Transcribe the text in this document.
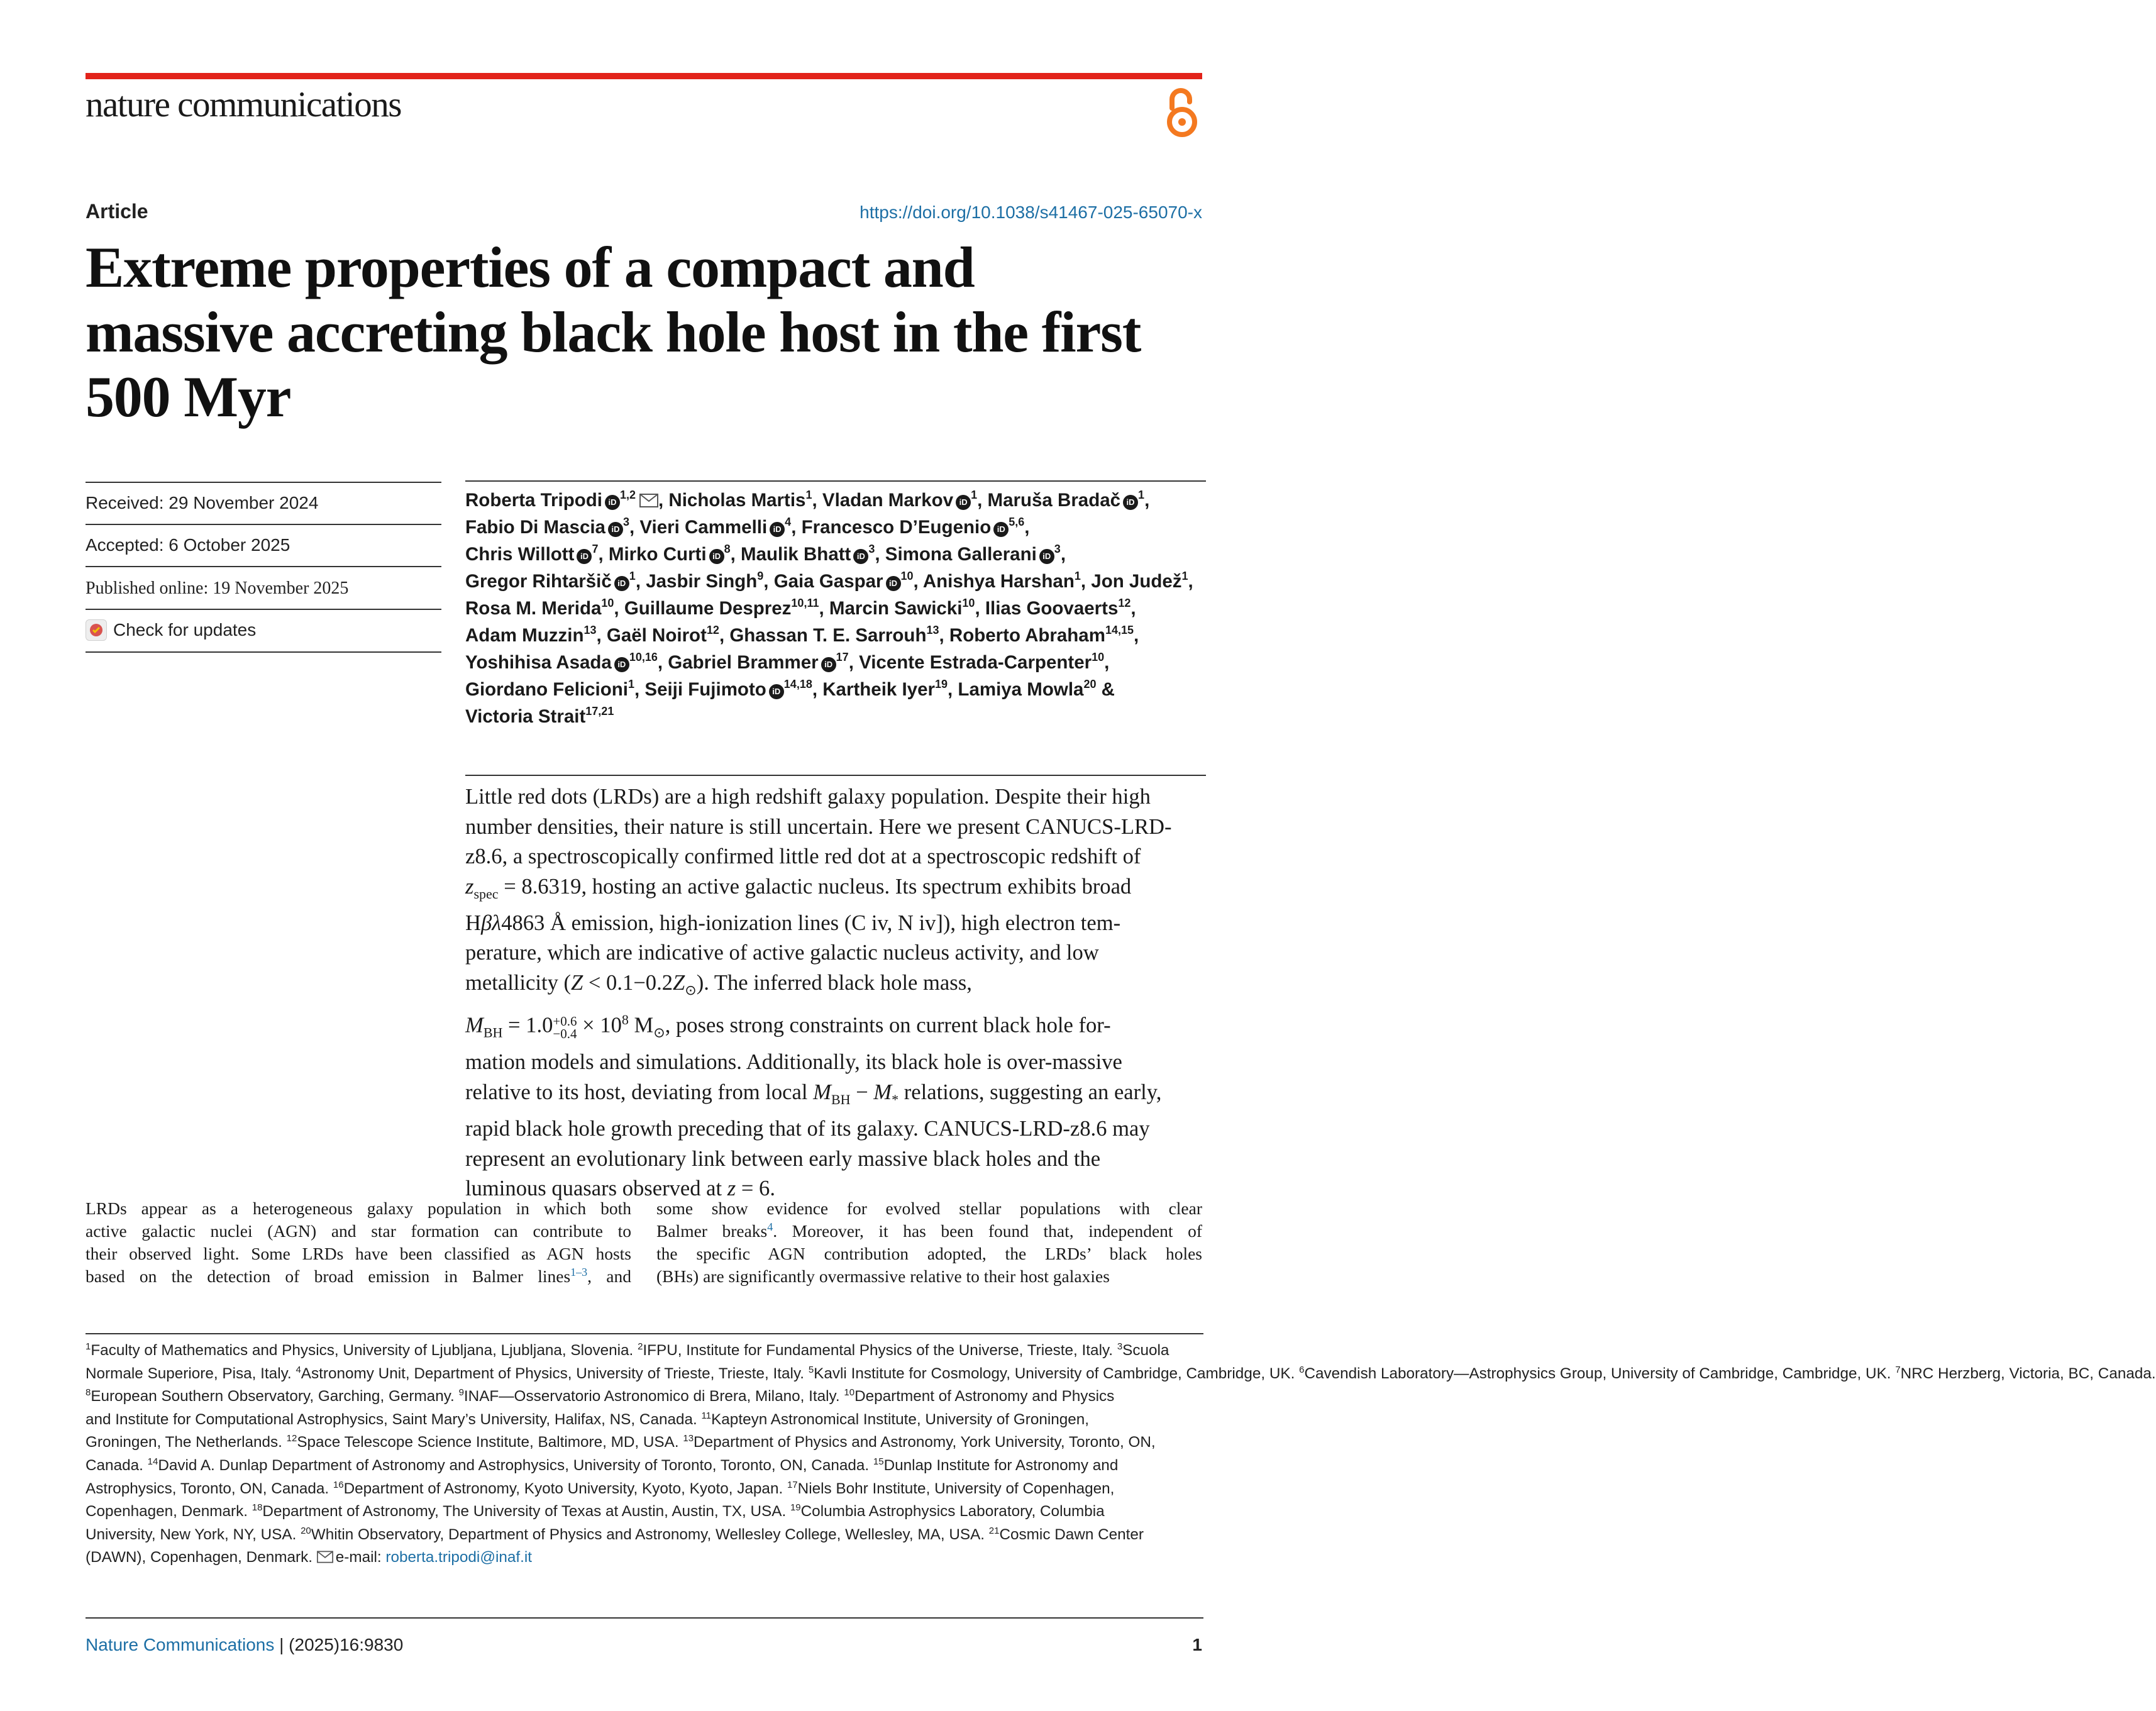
nature communications
Article	https://doi.org/10.1038/s41467-025-65070-x
Extreme properties of a compact and
massive accreting black hole host in the first
500 Myr
Received: 29 November 2024
Accepted: 6 October 2025
Published online: 19 November 2025
Check for updates
Roberta Tripodi iD$^{1,2}$ , Nicholas Martis$^1$, Vladan Markov $iD^1$, Maruša Bradač $iD^1$,
Fabio Di Mascia $iD^3$, Vieri Cammelli $iD^4$, Francesco D’Eugenio iD$^{5,6}$,
Chris Willott $iD^7$, Mirko Curti $iD^8$, Maulik Bhatt $iD^3$, Simona Gallerani $iD^3$,
Gregor Rihtaršič $iD^1$, Jasbir Singh$^9$, Gaia Gaspar $iD^{10}$, Anishya Harshan$^1$, Jon Judež$^1$,
Rosa M. Merida$^{10}$, Guillaume Desprez$^{10,11}$, Marcin Sawicki$^{10}$, Ilias Goovaerts$^{12}$,
Adam Muzzin$^{13}$, Gaël Noirot$^{12}$, Ghassan T. E. Sarrouh$^{13}$, Roberto Abraham$^{14,15}$,
Yoshihisa Asada iD$^{10,16}$, Gabriel Brammer $iD^{17}$, Vicente Estrada-Carpenter$^{10}$,
Giordano Felicioni$^1$, Seiji Fujimoto iD$^{14,18}$, Kartheik Iyer$^{19}$, Lamiya Mowla$^{20}$ &
Victoria Strait$^{17,21}$
Little red dots (LRDs) are a high redshift galaxy population. Despite their high
number densities, their nature is still uncertain. Here we present CANUCS-LRD-
z8.6, a spectroscopically confirmed little red dot at a spectroscopic redshift of
$z_{spec} = 8.6319$, hosting an active galactic nucleus. Its spectrum exhibits broad
Hβλ4863 Å emission, high-ionization lines (C iv, N iv]), high electron tem-
perature, which are indicative of active galactic nucleus activity, and low
metallicity $(Z < 0.1-0.2Z_⊙)$. The inferred black hole mass,
$M_{BH} = 1.0 +0.6$
$-0.4 \times 10^8$ $M_⊙$, poses strong constraints on current black hole for-
mation models and simulations. Additionally, its black hole is over-massive
relative to its host, deviating from local $M_{BH} - M_*$ relations, suggesting an early,
rapid black hole growth preceding that of its galaxy. CANUCS-LRD-z8.6 may
represent an evolutionary link between early massive black holes and the
luminous quasars observed at z = 6.
LRDs appear as a heterogeneous galaxy population in which both
active galactic nuclei (AGN) and star formation can contribute to
their observed light. Some LRDs have been classified as AGN hosts
based on the detection of broad emission in Balmer lines$^{1-3}$, and
some show evidence for evolved stellar populations with clear
Balmer breaks$^4$. Moreover, it has been found that, independent of
the specific AGN contribution adopted, the LRDs’ black holes
(BHs) are significantly overmassive relative to their host galaxies
$^1$Faculty of Mathematics and Physics, University of Ljubljana, Ljubljana, Slovenia. $^2$IFPU, Institute for Fundamental Physics of the Universe, Trieste, Italy. $^3$Scuola
Normale Superiore, Pisa, Italy. $^4$Astronomy Unit, Department of Physics, University of Trieste, Trieste, Italy. $^5$Kavli Institute for Cosmology, University of Cambridge, Cambridge, UK. $^6$Cavendish Laboratory—Astrophysics Group, University of Cambridge, Cambridge, UK. $^7$NRC Herzberg, Victoria, BC, Canada.
$^8$European Southern Observatory, Garching, Germany. $^9$INAF—Osservatorio Astronomico di Brera, Milano, Italy. $^{10}$Department of Astronomy and Physics
and Institute for Computational Astrophysics, Saint Mary’s University, Halifax, NS, Canada. $^{11}$Kapteyn Astronomical Institute, University of Groningen,
Groningen, The Netherlands. $^{12}$Space Telescope Science Institute, Baltimore, MD, USA. $^{13}$Department of Physics and Astronomy, York University, Toronto, ON,
Canada. $^{14}$David A. Dunlap Department of Astronomy and Astrophysics, University of Toronto, Toronto, ON, Canada. $^{15}$Dunlap Institute for Astronomy and
Astrophysics, Toronto, ON, Canada. $^{16}$Department of Astronomy, Kyoto University, Kyoto, Kyoto, Japan. $^{17}$Niels Bohr Institute, University of Copenhagen,
Copenhagen, Denmark. $^{18}$Department of Astronomy, The University of Texas at Austin, Austin, TX, USA. $^{19}$Columbia Astrophysics Laboratory, Columbia
University, New York, NY, USA. $^{20}$Whitin Observatory, Department of Physics and Astronomy, Wellesley College, Wellesley, MA, USA. $^{21}$Cosmic Dawn Center
(DAWN), Copenhagen, Denmark. e-mail: roberta.tripodi@inaf.it
Nature Communications | (2025)16:9830	1
